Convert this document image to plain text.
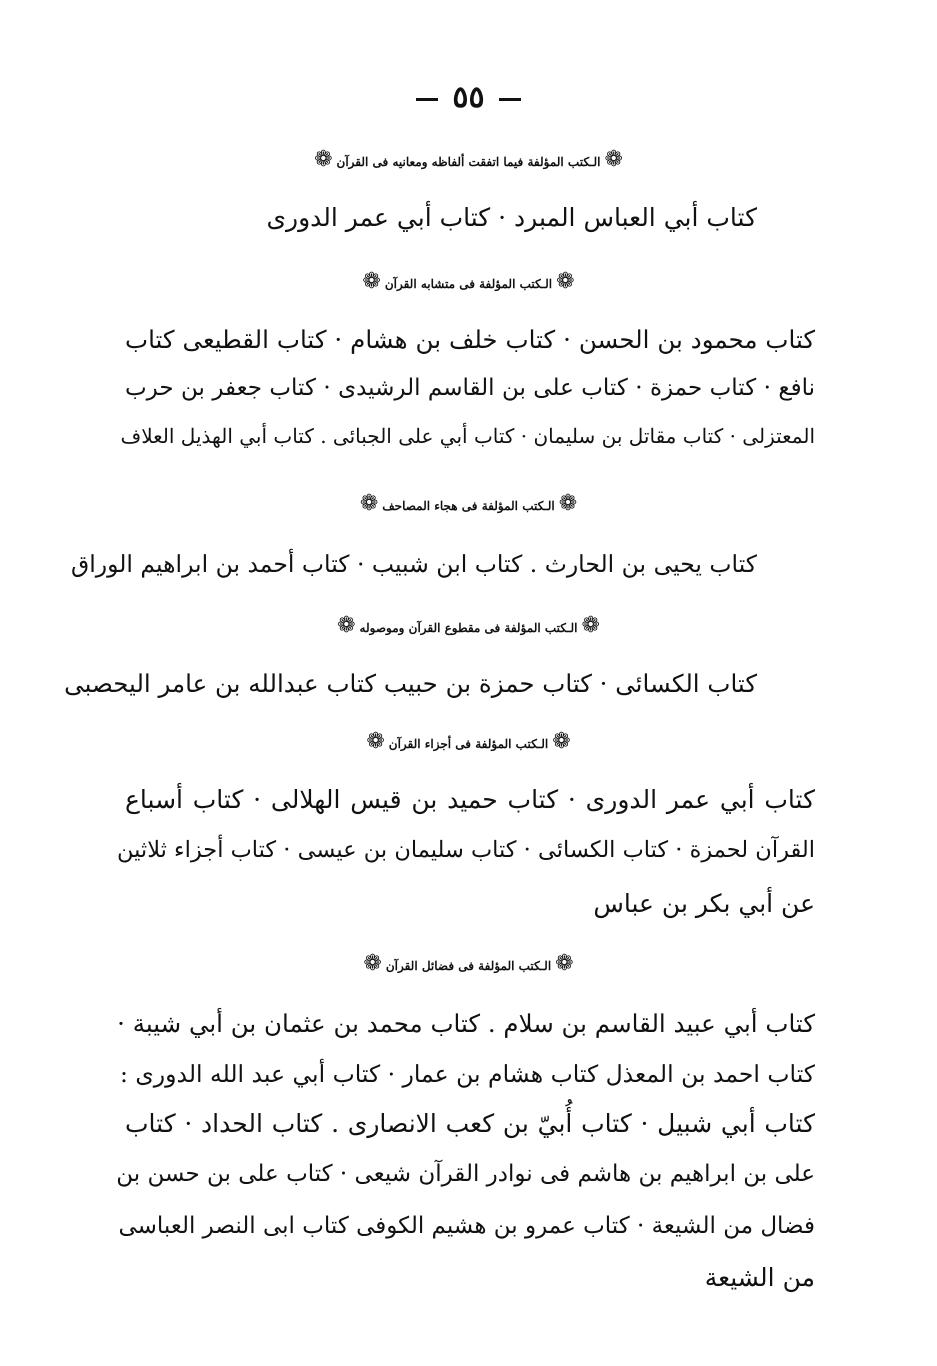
٥٥
❁الـكتب المؤلفة فيما اتفقت ألفاظه ومعانيه فى القرآن❁
كتاب أبي العباس المبرد · كتاب أبي عمر الدورى
❁الـكتب المؤلفة فى متشابه القرآن❁
كتاب محمود بن الحسن · كتاب خلف بن هشام · كتاب القطيعى كتاب
نافع · كتاب حمزة · كتاب على بن القاسم الرشيدى · كتاب جعفر بن حرب
المعتزلى · كتاب مقاتل بن سليمان · كتاب أبي على الجبائى . كتاب أبي الهذيل العلاف
❁الـكتب المؤلفة فى هجاء المصاحف❁
كتاب يحيى بن الحارث . كتاب ابن شبيب · كتاب أحمد بن ابراهيم الوراق
❁الـكتب المؤلفة فى مقطوع القرآن وموصوله❁
كتاب الكسائى · كتاب حمزة بن حبيب كتاب عبدالله بن عامر اليحصبى
❁الـكتب المؤلفة فى أجزاء القرآن❁
كتاب أبي عمر الدورى · كتاب حميد بن قيس الهلالى · كتاب أسباع
القرآن لحمزة · كتاب الكسائى · كتاب سليمان بن عيسى · كتاب أجزاء ثلاثين
عن أبي بكر بن عباس
❁الـكتب المؤلفة فى فضائل القرآن❁
كتاب أبي عبيد القاسم بن سلام . كتاب محمد بن عثمان بن أبي شيبة ·
كتاب احمد بن المعذل كتاب هشام بن عمار · كتاب أبي عبد الله الدورى :
كتاب أبي شبيل · كتاب أُبيّ بن كعب الانصارى . كتاب الحداد · كتاب
على بن ابراهيم بن هاشم فى نوادر القرآن شيعى · كتاب على بن حسن بن
فضال من الشيعة · كتاب عمرو بن هشيم الكوفى كتاب ابى النصر العباسى
من الشيعة
